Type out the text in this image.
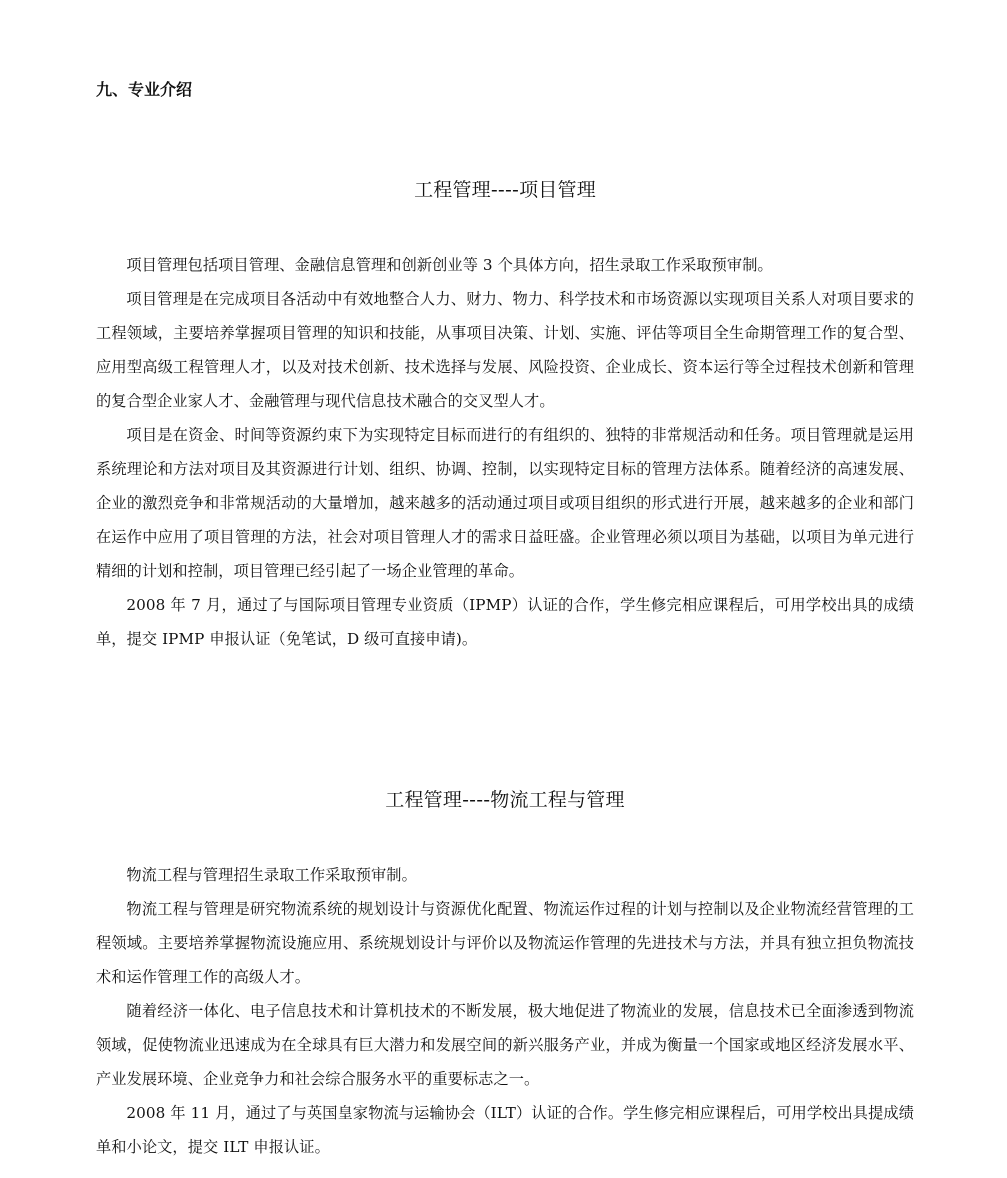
九、专业介绍
工程管理----项目管理

项目管理包括项目管理、金融信息管理和创新创业等 3 个具体方向，招生录取工作采取预审制。

项目管理是在完成项目各活动中有效地整合人力、财力、物力、科学技术和市场资源以实现项目关系人对项目要求的工程领域，主要培养掌握项目管理的知识和技能，从事项目决策、计划、实施、评估等项目全生命期管理工作的复合型、应用型高级工程管理人才，以及对技术创新、技术选择与发展、风险投资、企业成长、资本运行等全过程技术创新和管理的复合型企业家人才、金融管理与现代信息技术融合的交叉型人才。

项目是在资金、时间等资源约束下为实现特定目标而进行的有组织的、独特的非常规活动和任务。项目管理就是运用系统理论和方法对项目及其资源进行计划、组织、协调、控制，以实现特定目标的管理方法体系。随着经济的高速发展、企业的激烈竞争和非常规活动的大量增加，越来越多的活动通过项目或项目组织的形式进行开展，越来越多的企业和部门在运作中应用了项目管理的方法，社会对项目管理人才的需求日益旺盛。企业管理必须以项目为基础，以项目为单元进行精细的计划和控制，项目管理已经引起了一场企业管理的革命。

2008 年 7 月，通过了与国际项目管理专业资质（IPMP）认证的合作，学生修完相应课程后，可用学校出具的成绩单，提交 IPMP 申报认证（免笔试，D 级可直接申请)。

工程管理----物流工程与管理

物流工程与管理招生录取工作采取预审制。

物流工程与管理是研究物流系统的规划设计与资源优化配置、物流运作过程的计划与控制以及企业物流经营管理的工程领域。主要培养掌握物流设施应用、系统规划设计与评价以及物流运作管理的先进技术与方法，并具有独立担负物流技术和运作管理工作的高级人才。

随着经济一体化、电子信息技术和计算机技术的不断发展，极大地促进了物流业的发展，信息技术已全面渗透到物流领域，促使物流业迅速成为在全球具有巨大潜力和发展空间的新兴服务产业，并成为衡量一个国家或地区经济发展水平、产业发展环境、企业竞争力和社会综合服务水平的重要标志之一。

2008 年 11 月，通过了与英国皇家物流与运输协会（ILT）认证的合作。学生修完相应课程后，可用学校出具提成绩单和小论文，提交 ILT 申报认证。
